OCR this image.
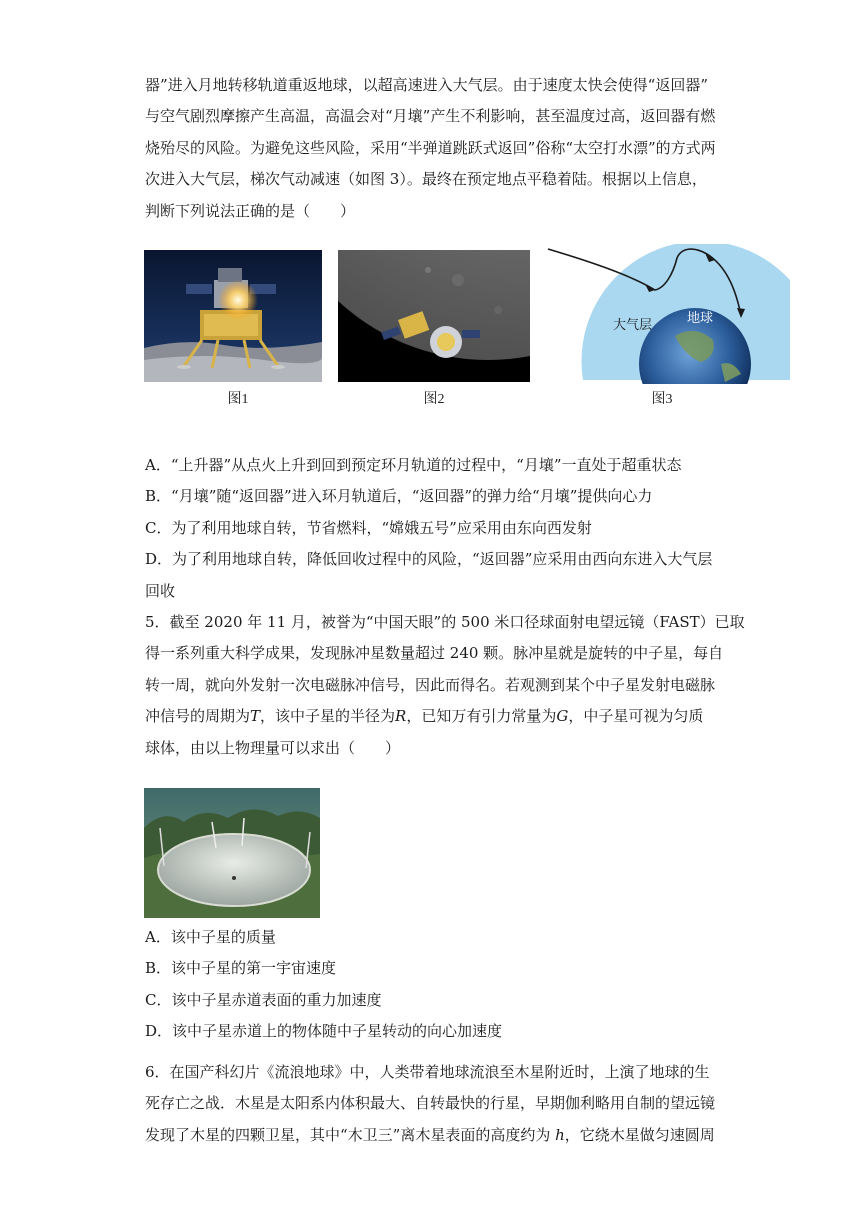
器”进入月地转移轨道重返地球，以超高速进入大气层。由于速度太快会使得“返回器”
与空气剧烈摩擦产生高温，高温会对“月壤”产生不利影响，甚至温度过高，返回器有燃
烧殆尽的风险。为避免这些风险，采用“半弹道跳跃式返回”俗称“太空打水漂”的方式两
次进入大气层，梯次气动减速（如图 3）。最终在预定地点平稳着陆。根据以上信息，
判断下列说法正确的是（　　）
图1	图2
大气层	地球
图3
A．“上升器”从点火上升到回到预定环月轨道的过程中，“月壤”一直处于超重状态
B．“月壤”随“返回器”进入环月轨道后，“返回器”的弹力给“月壤”提供向心力
C．为了利用地球自转，节省燃料，“嫦娥五号”应采用由东向西发射
D．为了利用地球自转，降低回收过程中的风险，“返回器”应采用由西向东进入大气层
回收
5．截至 2020 年 11 月，被誉为“中国天眼”的 500 米口径球面射电望远镜（FAST）已取
得一系列重大科学成果，发现脉冲星数量超过 240 颗。脉冲星就是旋转的中子星，每自
转一周，就向外发射一次电磁脉冲信号，因此而得名。若观测到某个中子星发射电磁脉
冲信号的周期为T，该中子星的半径为R，已知万有引力常量为G，中子星可视为匀质
球体，由以上物理量可以求出（　　）
A．该中子星的质量
B．该中子星的第一宇宙速度
C．该中子星赤道表面的重力加速度
D．该中子星赤道上的物体随中子星转动的向心加速度
6．在国产科幻片《流浪地球》中，人类带着地球流浪至木星附近时，上演了地球的生
死存亡之战．木星是太阳系内体积最大、自转最快的行星，早期伽利略用自制的望远镜
发现了木星的四颗卫星，其中“木卫三”离木星表面的高度约为 h，它绕木星做匀速圆周
